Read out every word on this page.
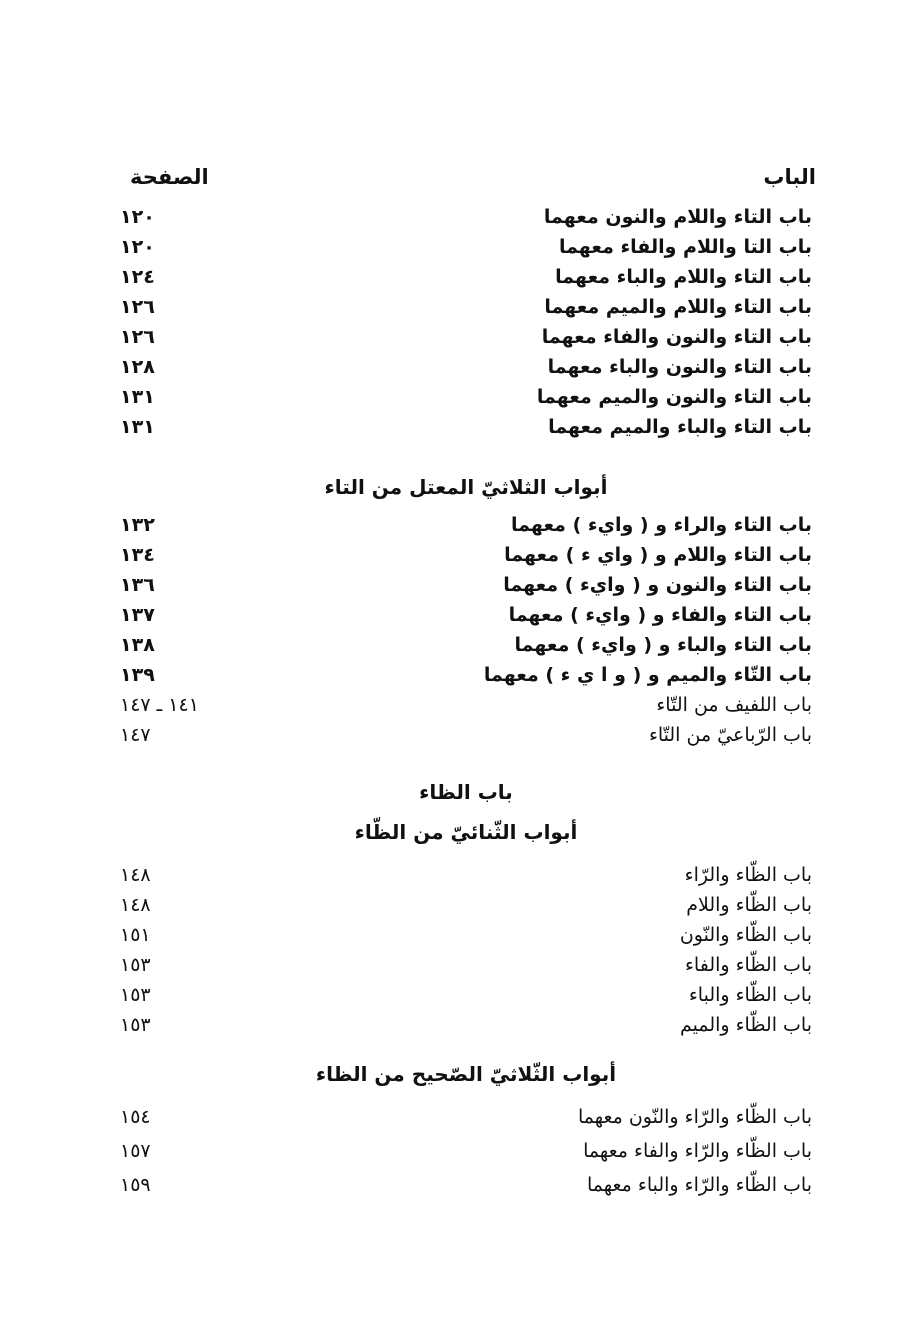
الباب
الصفحة
باب التاء واللام والنون معهما
١٢٠
باب التا واللام والفاء معهما
١٢٠
باب التاء واللام والباء معهما
١٢٤
باب التاء واللام والميم معهما
١٢٦
باب التاء والنون والفاء معهما
١٢٦
باب التاء والنون والباء معهما
١٢٨
باب التاء والنون والميم معهما
١٣١
باب التاء والباء والميم معهما
١٣١
أبواب الثلاثيّ المعتل من التاء
باب التاء والراء و ( وايء ) معهما
١٣٢
باب التاء واللام و ( واي ء ) معهما
١٣٤
باب التاء والنون و ( وايء ) معهما
١٣٦
باب التاء والفاء و ( وايء ) معهما
١٣٧
باب التاء والباء و ( وايء ) معهما
١٣٨
باب التّاء والميم و ( و ا ي ء ) معهما
١٣٩
باب اللفيف من التّاء
١٤١ ـ ١٤٧
باب الرّباعيّ من التّاء
١٤٧
باب الظاء
أبواب الثّنائيّ من الظّاء
باب الظّاء والرّاء
١٤٨
باب الظّاء واللام
١٤٨
باب الظّاء والنّون
١٥١
باب الظّاء والفاء
١٥٣
باب الظّاء والباء
١٥٣
باب الظّاء والميم
١٥٣
أبواب الثّلاثيّ الصّحيح من الظاء
باب الظّاء والرّاء والنّون معهما
١٥٤
باب الظّاء والرّاء والفاء معهما
١٥٧
باب الظّاء والرّاء والباء معهما
١٥٩
